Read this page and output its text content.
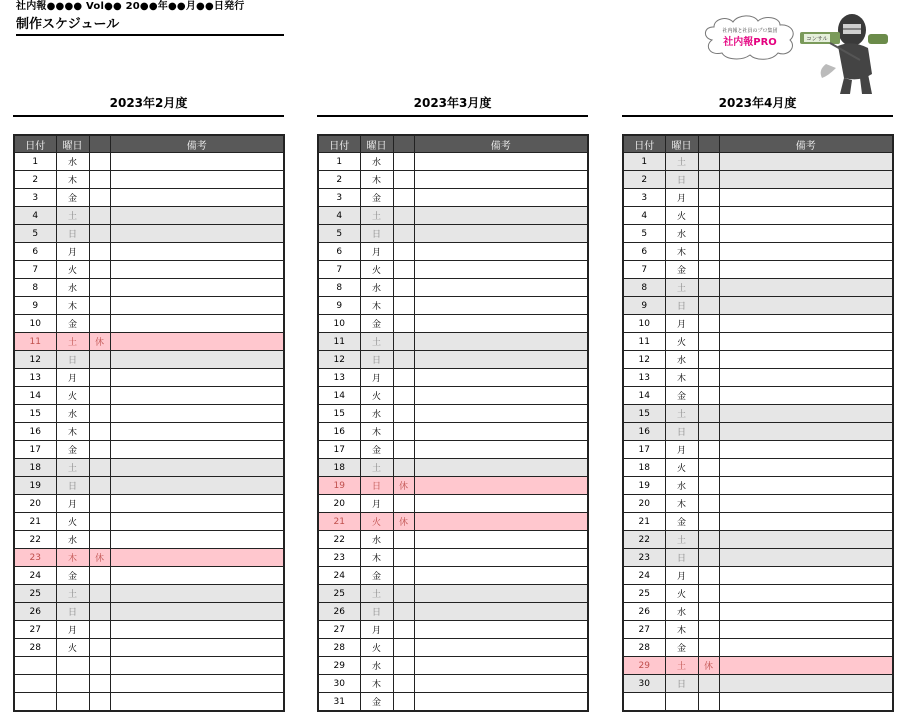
社内報●●●● Vol●● 20●●年●●月●●日発行
制作スケジュール	社内報と社員のプロ集団
社内報PRO	コンサル
2023年2月度
日付	曜日		備考
1	水		
2	木		
3	金		
4	土		
5	日		
6	月		
7	火		
8	水		
9	木		
10	金		
11	土	休	
12	日		
13	月		
14	火		
15	水		
16	木		
17	金		
18	土		
19	日		
20	月		
21	火		
22	水		
23	木	休	
24	金		
25	土		
26	日		
27	月		
28	火		

2023年3月度
日付	曜日		備考
1	水		
2	木		
3	金		
4	土		
5	日		
6	月		
7	火		
8	水		
9	木		
10	金		
11	土		
12	日		
13	月		
14	火		
15	水		
16	木		
17	金		
18	土		
19	日	休	
20	月		
21	火	休	
22	水		
23	木		
24	金		
25	土		
26	日		
27	月		
28	火		
29	水		
30	木		
31	金		
2023年4月度
日付	曜日		備考
1	土		
2	日		
3	月		
4	火		
5	水		
6	木		
7	金		
8	土		
9	日		
10	月		
11	火		
12	水		
13	木		
14	金		
15	土		
16	日		
17	月		
18	火		
19	水		
20	木		
21	金		
22	土		
23	日		
24	月		
25	火		
26	水		
27	木		
28	金		
29	土	休	
30	日		
